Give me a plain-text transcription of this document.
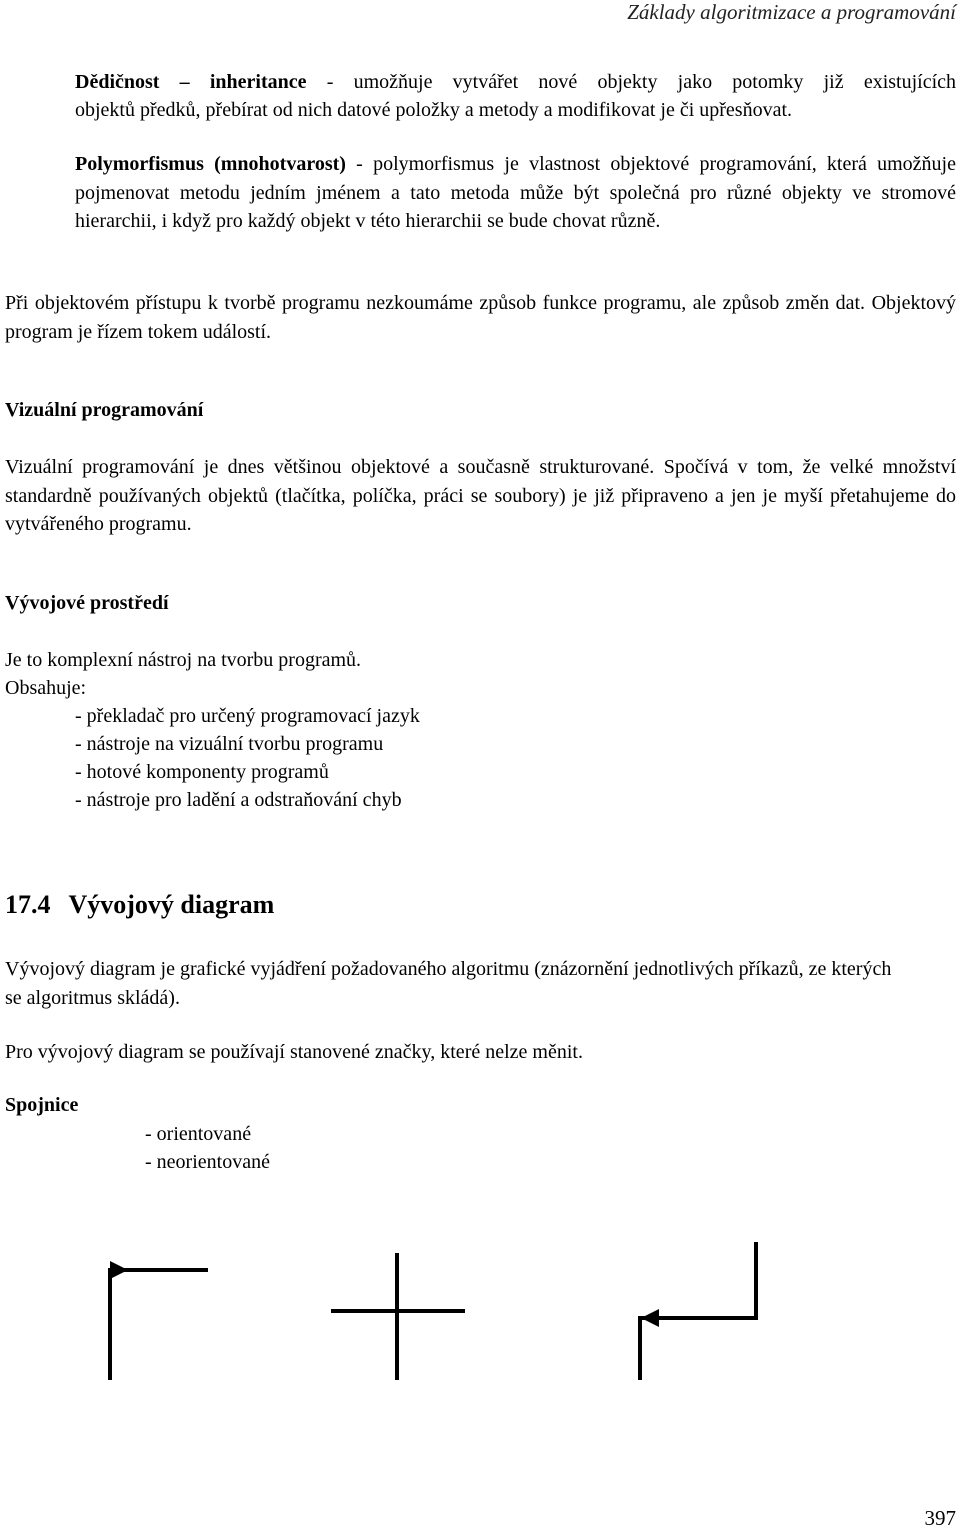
Základy algoritmizace a programování

Dědičnost – inheritance - umožňuje vytvářet nové objekty jako potomky již existujících

objektů předků, přebírat od nich datové položky a metody a modifikovat je či upřesňovat.

Polymorfismus (mnohotvarost) - polymorfismus je vlastnost objektové programování, která umožňuje pojmenovat metodu jedním jménem a tato metoda může být společná pro různé objekty ve stromové hierarchii, i když pro každý objekt v této hierarchii se bude chovat různě.

Při objektovém přístupu k tvorbě programu nezkoumáme způsob funkce programu, ale způsob změn dat. Objektový program je řízem tokem událostí.

Vizuální programování

Vizuální programování je dnes většinou objektové a současně strukturované. Spočívá v tom, že velké množství standardně používaných objektů (tlačítka, políčka, práci se soubory) je již připraveno a jen je myší přetahujeme do vytvářeného programu.

Vývojové prostředí

Je to komplexní nástroj na tvorbu programů.

Obsahuje:

- překladač pro určený programovací jazyk
- nástroje na vizuální tvorbu programu
- hotové komponenty programů
- nástroje pro ladění a odstraňování chyb
17.4 Vývojový diagram

Vývojový diagram je grafické vyjádření požadovaného algoritmu (znázornění jednotlivých příkazů, ze kterých se algoritmus skládá).

Pro vývojový diagram se používají stanovené značky, které nelze měnit.

Spojnice
- orientované
- neorientované
397
